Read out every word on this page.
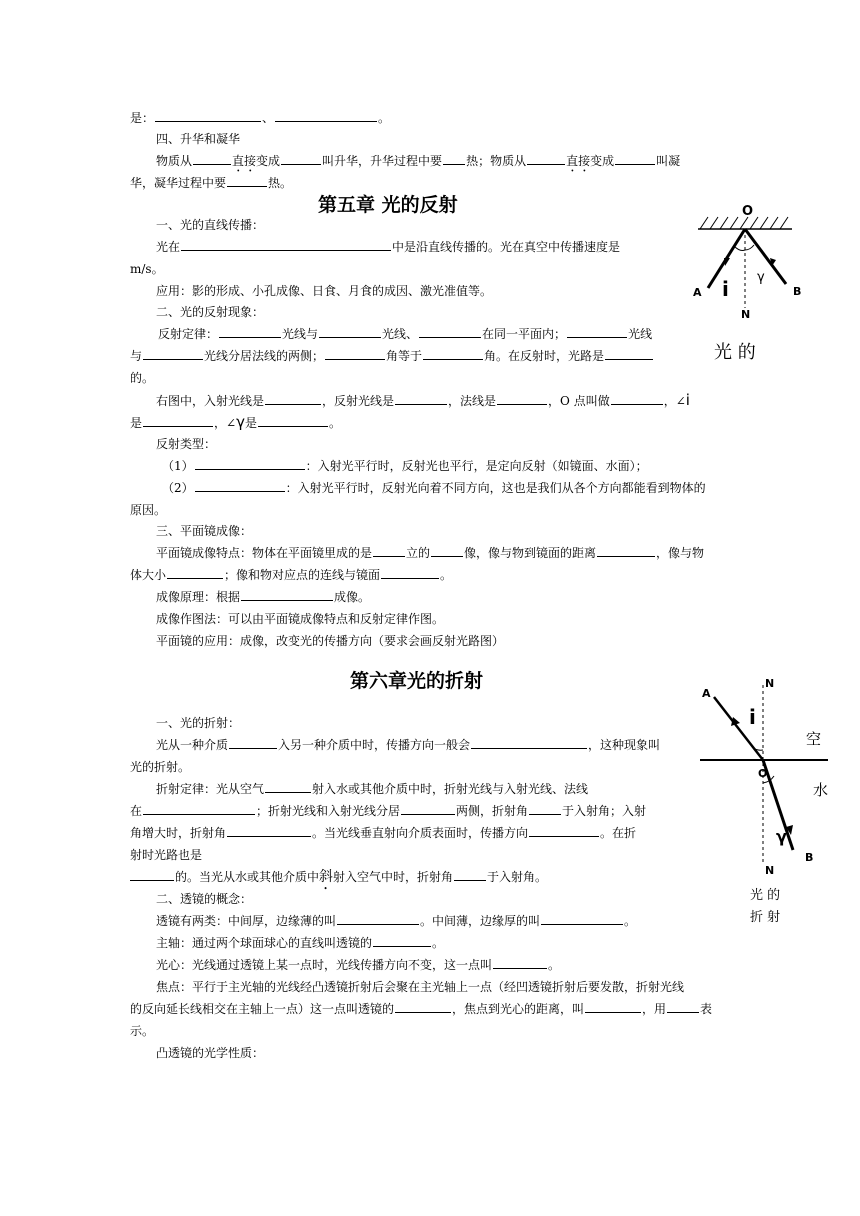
是：	、	。
四、升华和凝华
物质从	直接变成	叫升华，升华过程中要 热；物质从	直接变成	叫凝
华，凝华过程中要	热。
第五章 光的反射
一、光的直线传播：
光在	中是沿直线传播的。光在真空中传播速度是
m/s。
应用：影的形成、小孔成像、日食、月食的成因、激光准值等。
二、光的反射现象：
反射定律：	光线与	光线、	在同一平面内；	光线
与	光线分居法线的两侧；	角等于	角。在反射时，光路是
的。
右图中，入射光线是	，反射光线是	，法线是	，O 点叫做	，∠i
是	，∠γ是	。
反射类型：
（1）	：入射光平行时，反射光也平行，是定向反射（如镜面、水面）；
（2）	：入射光平行时，反射光向着不同方向，这也是我们从各个方向都能看到物体的
原因。
三、平面镜成像：
平面镜成像特点：物体在平面镜里成的是	立的	像，像与物到镜面的距离	，像与物
体大小	；像和物对应点的连线与镜面	。
成像原理：根据	成像。
成像作图法：可以由平面镜成像特点和反射定律作图。
平面镜的应用：成像，改变光的传播方向（要求会画反射光路图）
O
A	B
N
i γ
光 的
第六章光的折射
一、光的折射：
光从一种介质	入另一种介质中时，传播方向一般会	，这种现象叫
光的折射。
折射定律：光从空气	射入水或其他介质中时，折射光线与入射光线、法线
在	；折射光线和入射光线分居	两侧，折射角	于入射角；入射
角增大时，折射角	。当光线垂直射向介质表面时，传播方向	。在折
射时光路也是
的。当光从水或其他介质中斜射入空气中时，折射角	于入射角。
二、透镜的概念：
透镜有两类：中间厚，边缘薄的叫	。中间薄，边缘厚的叫	。
主轴：通过两个球面球心的直线叫透镜的	。
光心：光线通过透镜上某一点时，光线传播方向不变，这一点叫	。
焦点：平行于主光轴的光线经凸透镜折射后会聚在主光轴上一点（经凹透镜折射后要发散，折射光线
的反向延长线相交在主轴上一点）这一点叫透镜的	，焦点到光心的距离，叫	，用	表
示。
凸透镜的光学性质：
A
N
i
空
O
水
γ
N
B
光 的
折 射
